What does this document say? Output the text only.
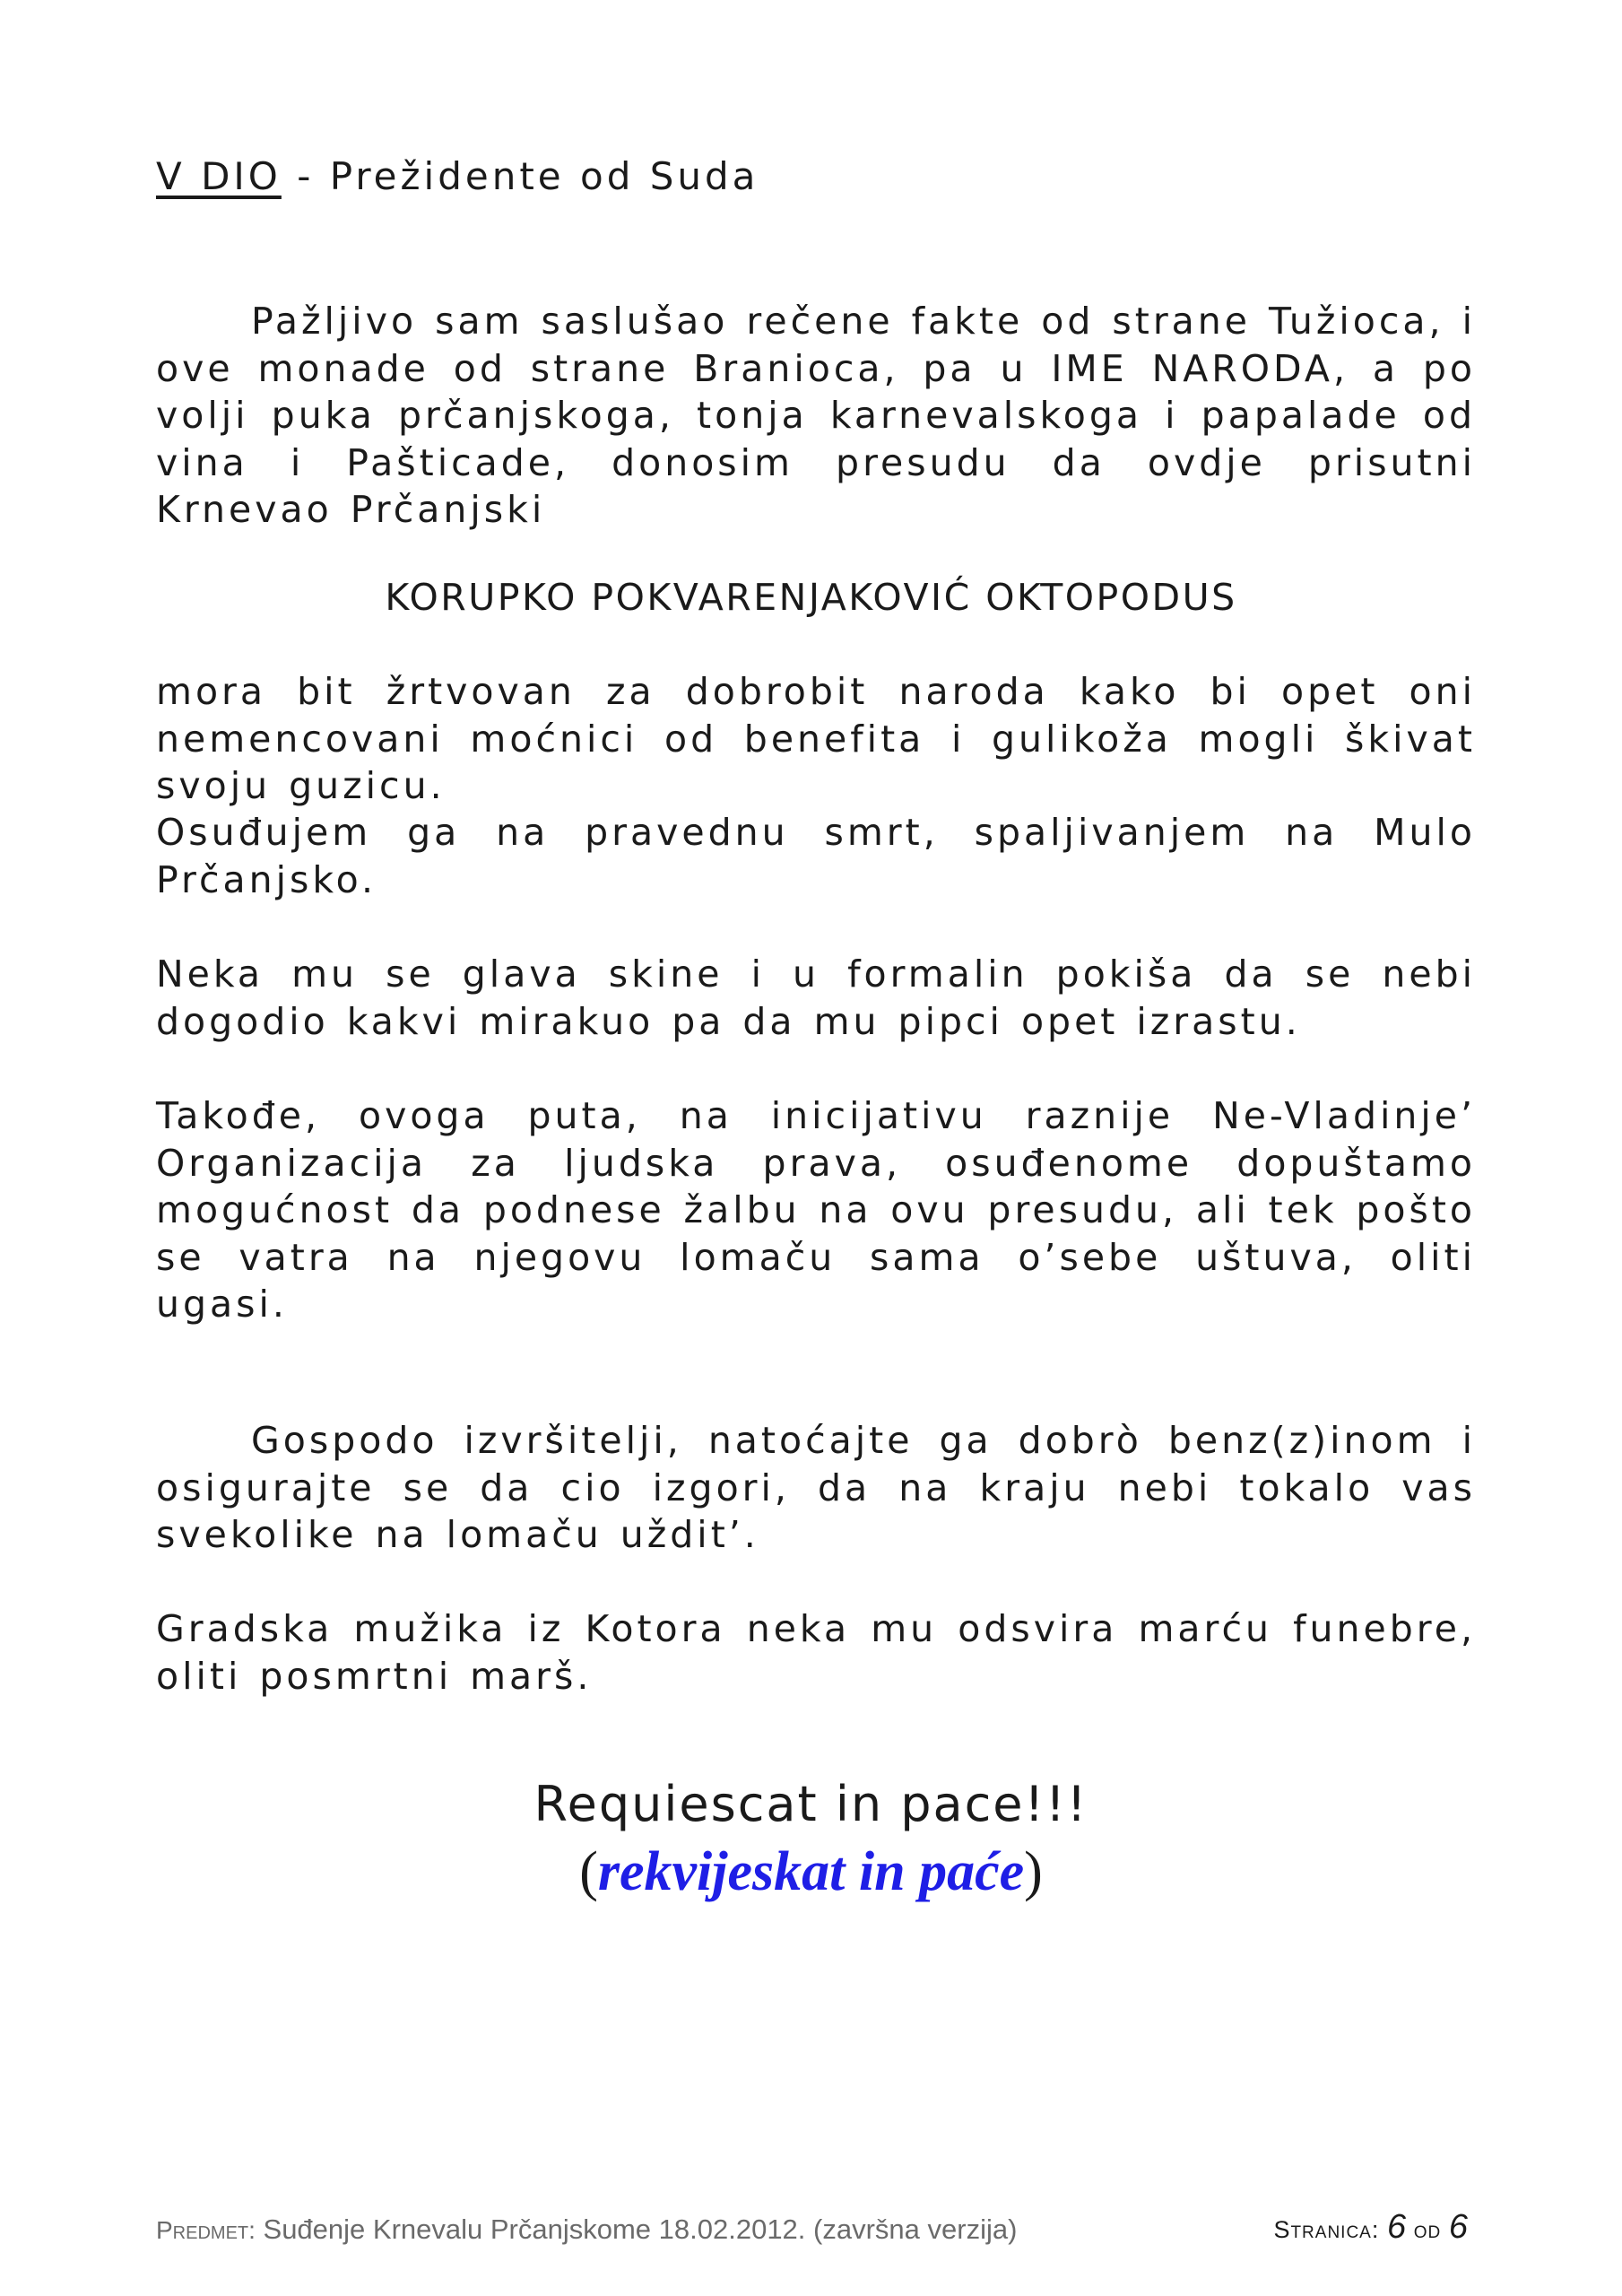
V DIO - Prežidente od Suda
Pažljivo sam saslušao rečene fakte od strane Tužioca, i ove monade od strane Branioca, pa u IME NARODA, a po volji puka prčanjskoga, tonja karnevalskoga i papalade od vina i Pašticade, donosim presudu da ovdje prisutni Krnevao Prčanjski
KORUPKO POKVARENJAKOVIĆ OKTOPODUS
mora bit žrtvovan za dobrobit naroda kako bi opet oni nemencovani moćnici od benefita i gulikoža mogli škivat svoju guzicu.
Osuđujem ga na pravednu smrt, spaljivanjem na Mulo Prčanjsko.
Neka mu se glava skine i u formalin pokiša da se nebi dogodio kakvi mirakuo pa da mu pipci opet izrastu.
Takođe, ovoga puta, na inicijativu raznije Ne-Vladinje’ Organizacija za ljudska prava, osuđenome dopuštamo mogućnost da podnese žalbu na ovu presudu, ali tek pošto se vatra na njegovu lomaču sama o’sebe uštuva, oliti ugasi.
Gospodo izvršitelji, natoćajte ga dobrò benz(z)inom i osigurajte se da cio izgori, da na kraju nebi tokalo vas svekolike na lomaču uždit’.
Gradska mužika iz Kotora neka mu odsvira marću funebre, oliti posmrtni marš.
Requiescat in pace!!!
(rekvijeskat in paće)
Predmet: Suđenje Krnevalu Prčanjskome 18.02.2012. (završna verzija)	Stranica: 6 od 6
